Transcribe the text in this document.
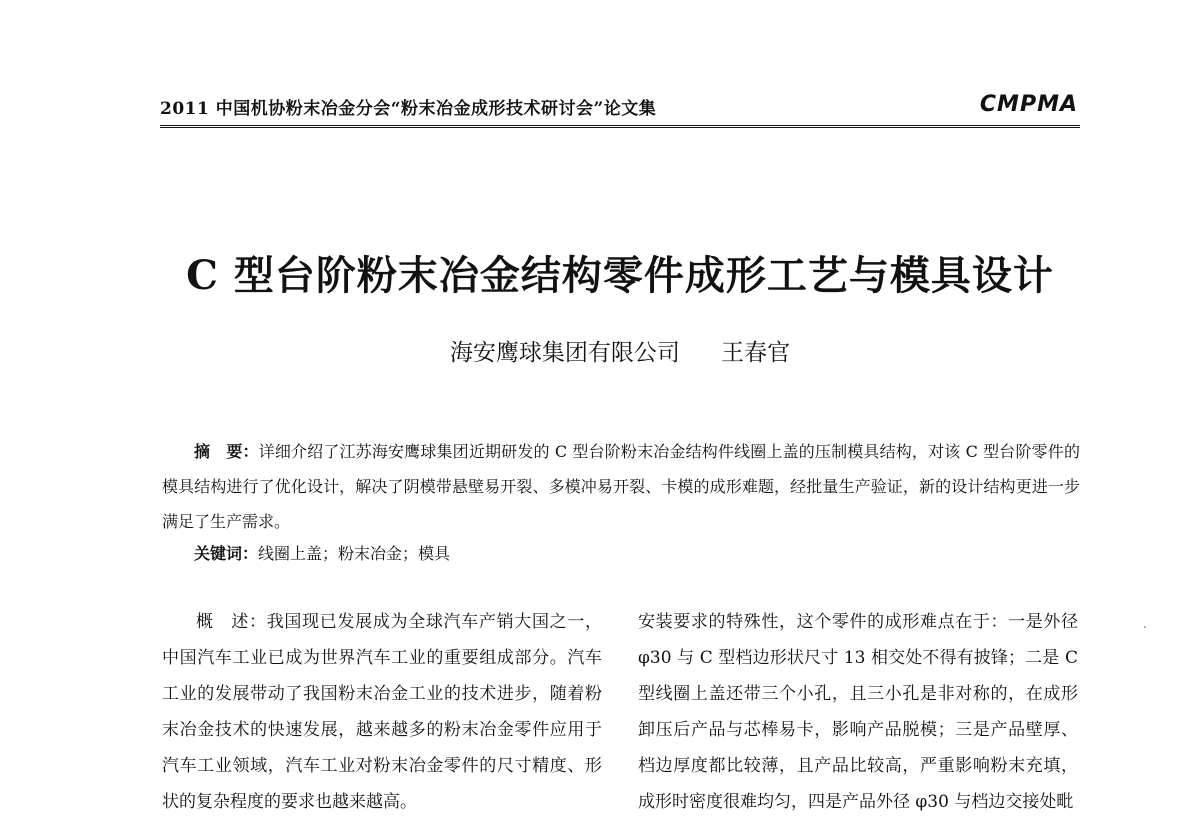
2011 中国机协粉末冶金分会“粉末冶金成形技术研讨会”论文集	CMPMA
C 型台阶粉末冶金结构零件成形工艺与模具设计
海安鹰球集团有限公司 王春官
摘　要：详细介绍了江苏海安鹰球集团近期研发的 C 型台阶粉末冶金结构件线圈上盖的压制模具结构，对该 C 型台阶零件的模具结构进行了优化设计，解决了阴模带悬壁易开裂、多模冲易开裂、卡模的成形难题，经批量生产验证，新的设计结构更进一步满足了生产需求。
关键词：线圈上盖；粉末冶金；模具
概　述：我国现已发展成为全球汽车产销大国之一，中国汽车工业已成为世界汽车工业的重要组成部分。汽车工业的发展带动了我国粉末冶金工业的技术进步，随着粉末冶金技术的快速发展，越来越多的粉末冶金零件应用于汽车工业领域，汽车工业对粉末冶金零件的尺寸精度、形状的复杂程度的要求也越来越高。
安装要求的特殊性，这个零件的成形难点在于：一是外径 φ30 与 C 型档边形状尺寸 13 相交处不得有披锋；二是 C 型线圈上盖还带三个小孔，且三小孔是非对称的，在成形卸压后产品与芯棒易卡，影响产品脱模；三是产品壁厚、档边厚度都比较薄，且产品比较高，严重影响粉末充填，成形时密度很难均匀，四是产品外径 φ30 与档边交接处毗
